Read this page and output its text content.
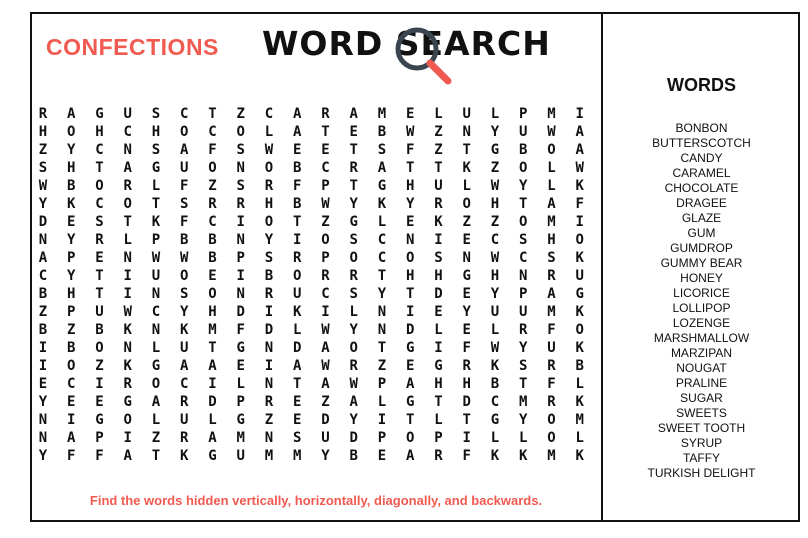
CONFECTIONS WORD SEARCH
R	A	G	U	S	C	T	Z	C	A	R	A	M	E	L	U	L	P	M	I
H	O	H	C	H	O	C	O	L	A	T	E	B	W	Z	N	Y	U	W	A
Z	Y	C	N	S	A	F	S	W	E	E	T	S	F	Z	T	G	B	O	A
S	H	T	A	G	U	O	N	O	B	C	R	A	T	T	K	Z	O	L	W
W	B	O	R	L	F	Z	S	R	F	P	T	G	H	U	L	W	Y	L	K
Y	K	C	O	T	S	R	R	H	B	W	Y	K	Y	R	O	H	T	A	F
D	E	S	T	K	F	C	I	O	T	Z	G	L	E	K	Z	Z	O	M	I
N	Y	R	L	P	B	B	N	Y	I	O	S	C	N	I	E	C	S	H	O
A	P	E	N	W	W	B	P	S	R	P	O	C	O	S	N	W	C	S	K
C	Y	T	I	U	O	E	I	B	O	R	R	T	H	H	G	H	N	R	U
B	H	T	I	N	S	O	N	R	U	C	S	Y	T	D	E	Y	P	A	G
Z	P	U	W	C	Y	H	D	I	K	I	L	N	I	E	Y	U	U	M	K
B	Z	B	K	N	K	M	F	D	L	W	Y	N	D	L	E	L	R	F	O
I	B	O	N	L	U	T	G	N	D	A	O	T	G	I	F	W	Y	U	K
I	O	Z	K	G	A	A	E	I	A	W	R	Z	E	G	R	K	S	R	B
E	C	I	R	O	C	I	L	N	T	A	W	P	A	H	H	B	T	F	L
Y	E	E	G	A	R	D	P	R	E	Z	A	L	G	T	D	C	M	R	K
N	I	G	O	L	U	L	G	Z	E	D	Y	I	T	L	T	G	Y	O	M
N	A	P	I	Z	R	A	M	N	S	U	D	P	O	P	I	L	L	O	L
Y	F	F	A	T	K	G	U	M	M	Y	B	E	A	R	F	K	K	M	K
Find the words hidden vertically, horizontally, diagonally, and backwards.
WORDS
BONBON
BUTTERSCOTCH
CANDY
CARAMEL
CHOCOLATE
DRAGEE
GLAZE
GUM
GUMDROP
GUMMY BEAR
HONEY
LICORICE
LOLLIPOP
LOZENGE
MARSHMALLOW
MARZIPAN
NOUGAT
PRALINE
SUGAR
SWEETS
SWEET TOOTH
SYRUP
TAFFY
TURKISH DELIGHT
